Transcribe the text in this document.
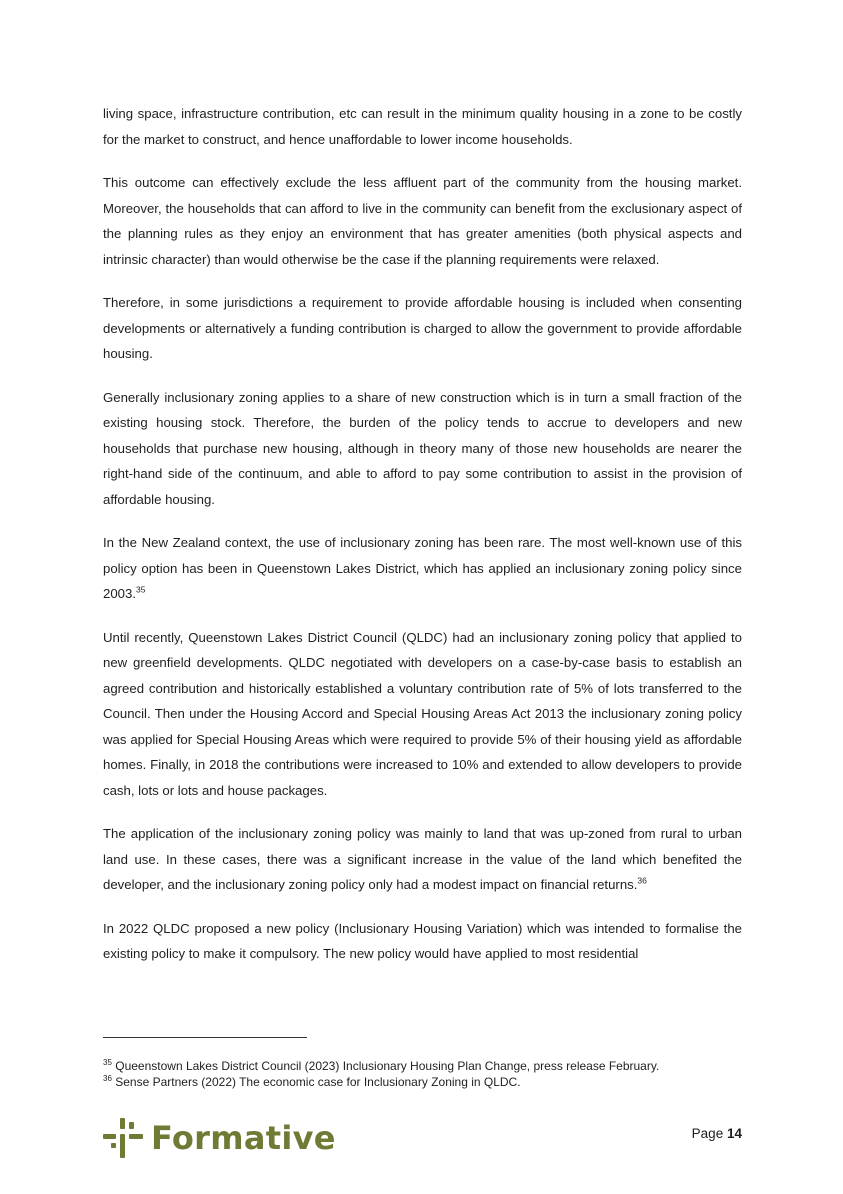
living space, infrastructure contribution, etc can result in the minimum quality housing in a zone to be costly for the market to construct, and hence unaffordable to lower income households.

This outcome can effectively exclude the less affluent part of the community from the housing market. Moreover, the households that can afford to live in the community can benefit from the exclusionary aspect of the planning rules as they enjoy an environment that has greater amenities (both physical aspects and intrinsic character) than would otherwise be the case if the planning requirements were relaxed.

Therefore, in some jurisdictions a requirement to provide affordable housing is included when consenting developments or alternatively a funding contribution is charged to allow the government to provide affordable housing.

Generally inclusionary zoning applies to a share of new construction which is in turn a small fraction of the existing housing stock. Therefore, the burden of the policy tends to accrue to developers and new households that purchase new housing, although in theory many of those new households are nearer the right-hand side of the continuum, and able to afford to pay some contribution to assist in the provision of affordable housing.

In the New Zealand context, the use of inclusionary zoning has been rare. The most well-known use of this policy option has been in Queenstown Lakes District, which has applied an inclusionary zoning policy since 2003.35

Until recently, Queenstown Lakes District Council (QLDC) had an inclusionary zoning policy that applied to new greenfield developments. QLDC negotiated with developers on a case-by-case basis to establish an agreed contribution and historically established a voluntary contribution rate of 5% of lots transferred to the Council. Then under the Housing Accord and Special Housing Areas Act 2013 the inclusionary zoning policy was applied for Special Housing Areas which were required to provide 5% of their housing yield as affordable homes. Finally, in 2018 the contributions were increased to 10% and extended to allow developers to provide cash, lots or lots and house packages.

The application of the inclusionary zoning policy was mainly to land that was up-zoned from rural to urban land use. In these cases, there was a significant increase in the value of the land which benefited the developer, and the inclusionary zoning policy only had a modest impact on financial returns.$^{36}$

In 2022 QLDC proposed a new policy (Inclusionary Housing Variation) which was intended to formalise the existing policy to make it compulsory. The new policy would have applied to most residential

$^{35}$ Queenstown Lakes District Council (2023) Inclusionary Housing Plan Change, press release February.
$^{36}$ Sense Partners (2022) The economic case for Inclusionary Zoning in QLDC.
Formative	Page 14
